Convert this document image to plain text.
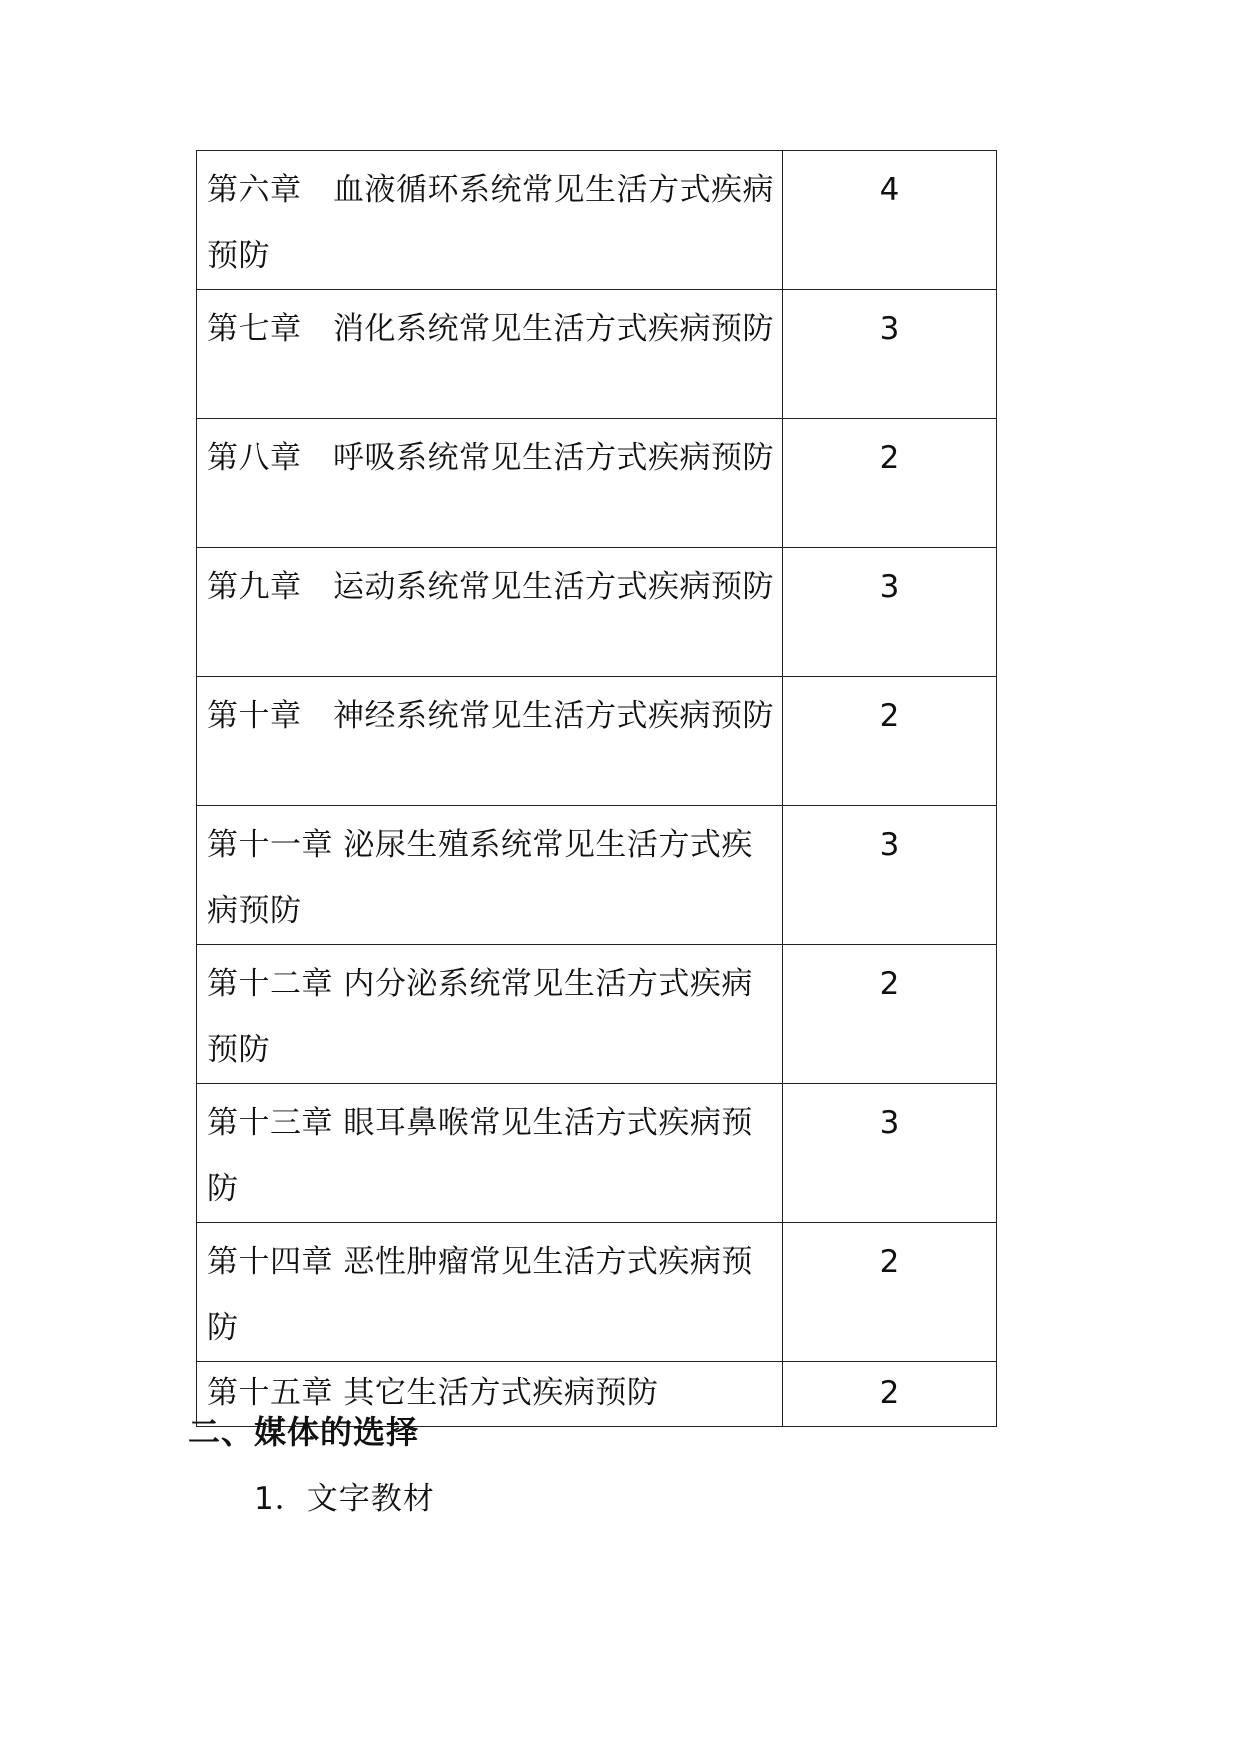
第六章　 血液循环系统常见生活方式疾病预防	4
第七章　 消化系统常见生活方式疾病预防	3
第八章　 呼吸系统常见生活方式疾病预防	2
第九章　 运动系统常见生活方式疾病预防	3
第十章　 神经系统常见生活方式疾病预防	2
第十一章 泌尿生殖系统常见生活方式疾病预防	3
第十二章 内分泌系统常见生活方式疾病预防	2
第十三章 眼耳鼻喉常见生活方式疾病预防	3
第十四章 恶性肿瘤常见生活方式疾病预防	2
第十五章 其它生活方式疾病预防	2
二、媒体的选择

1．文字教材
